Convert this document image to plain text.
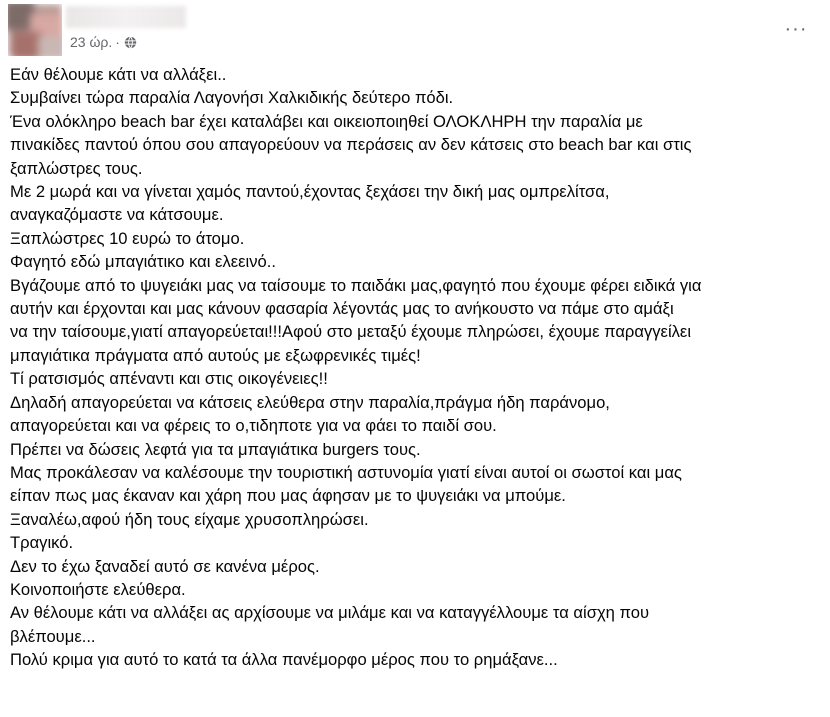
23 ώρ. ·
···
Εάν θέλουμε κάτι να αλλάξει..
Συμβαίνει τώρα παραλία Λαγονήσι Χαλκιδικής δεύτερο πόδι.
Ένα ολόκληρο beach bar έχει καταλάβει και οικειοποιηθεί ΟΛΟΚΛΗΡΗ την παραλία με
πινακίδες παντού όπου σου απαγορεύουν να περάσεις αν δεν κάτσεις στο beach bar και στις
ξαπλώστρες τους.
Με 2 μωρά και να γίνεται χαμός παντού,έχοντας ξεχάσει την δική μας ομπρελίτσα,
αναγκαζόμαστε να κάτσουμε.
Ξαπλώστρες 10 ευρώ το άτομο.
Φαγητό εδώ μπαγιάτικο και ελεεινό..
Βγάζουμε από το ψυγειάκι μας να ταίσουμε το παιδάκι μας,φαγητό που έχουμε φέρει ειδικά για
αυτήν και έρχονται και μας κάνουν φασαρία λέγοντάς μας το ανήκουστο να πάμε στο αμάξι
να την ταίσουμε,γιατί απαγορεύεται!!!Αφού στο μεταξύ έχουμε πληρώσει, έχουμε παραγγείλει
μπαγιάτικα πράγματα από αυτούς με εξωφρενικές τιμές!
Τί ρατσισμός απέναντι και στις οικογένειες!!
Δηλαδή απαγορεύεται να κάτσεις ελεύθερα στην παραλία,πράγμα ήδη παράνομο,
απαγορεύεται και να φέρεις το ο,τιδηποτε για να φάει το παιδί σου.
Πρέπει να δώσεις λεφτά για τα μπαγιάτικα burgers τους.
Μας προκάλεσαν να καλέσουμε την τουριστική αστυνομία γιατί είναι αυτοί οι σωστοί και μας
είπαν πως μας έκαναν και χάρη που μας άφησαν με το ψυγειάκι να μπούμε.
Ξαναλέω,αφού ήδη τους είχαμε χρυσοπληρώσει.
Τραγικό.
Δεν το έχω ξαναδεί αυτό σε κανένα μέρος.
Κοινοποιήστε ελεύθερα.
Αν θέλουμε κάτι να αλλάξει ας αρχίσουμε να μιλάμε και να καταγγέλλουμε τα αίσχη που
βλέπουμε...
Πολύ κριμα για αυτό το κατά τα άλλα πανέμορφο μέρος που το ρημάξανε...
